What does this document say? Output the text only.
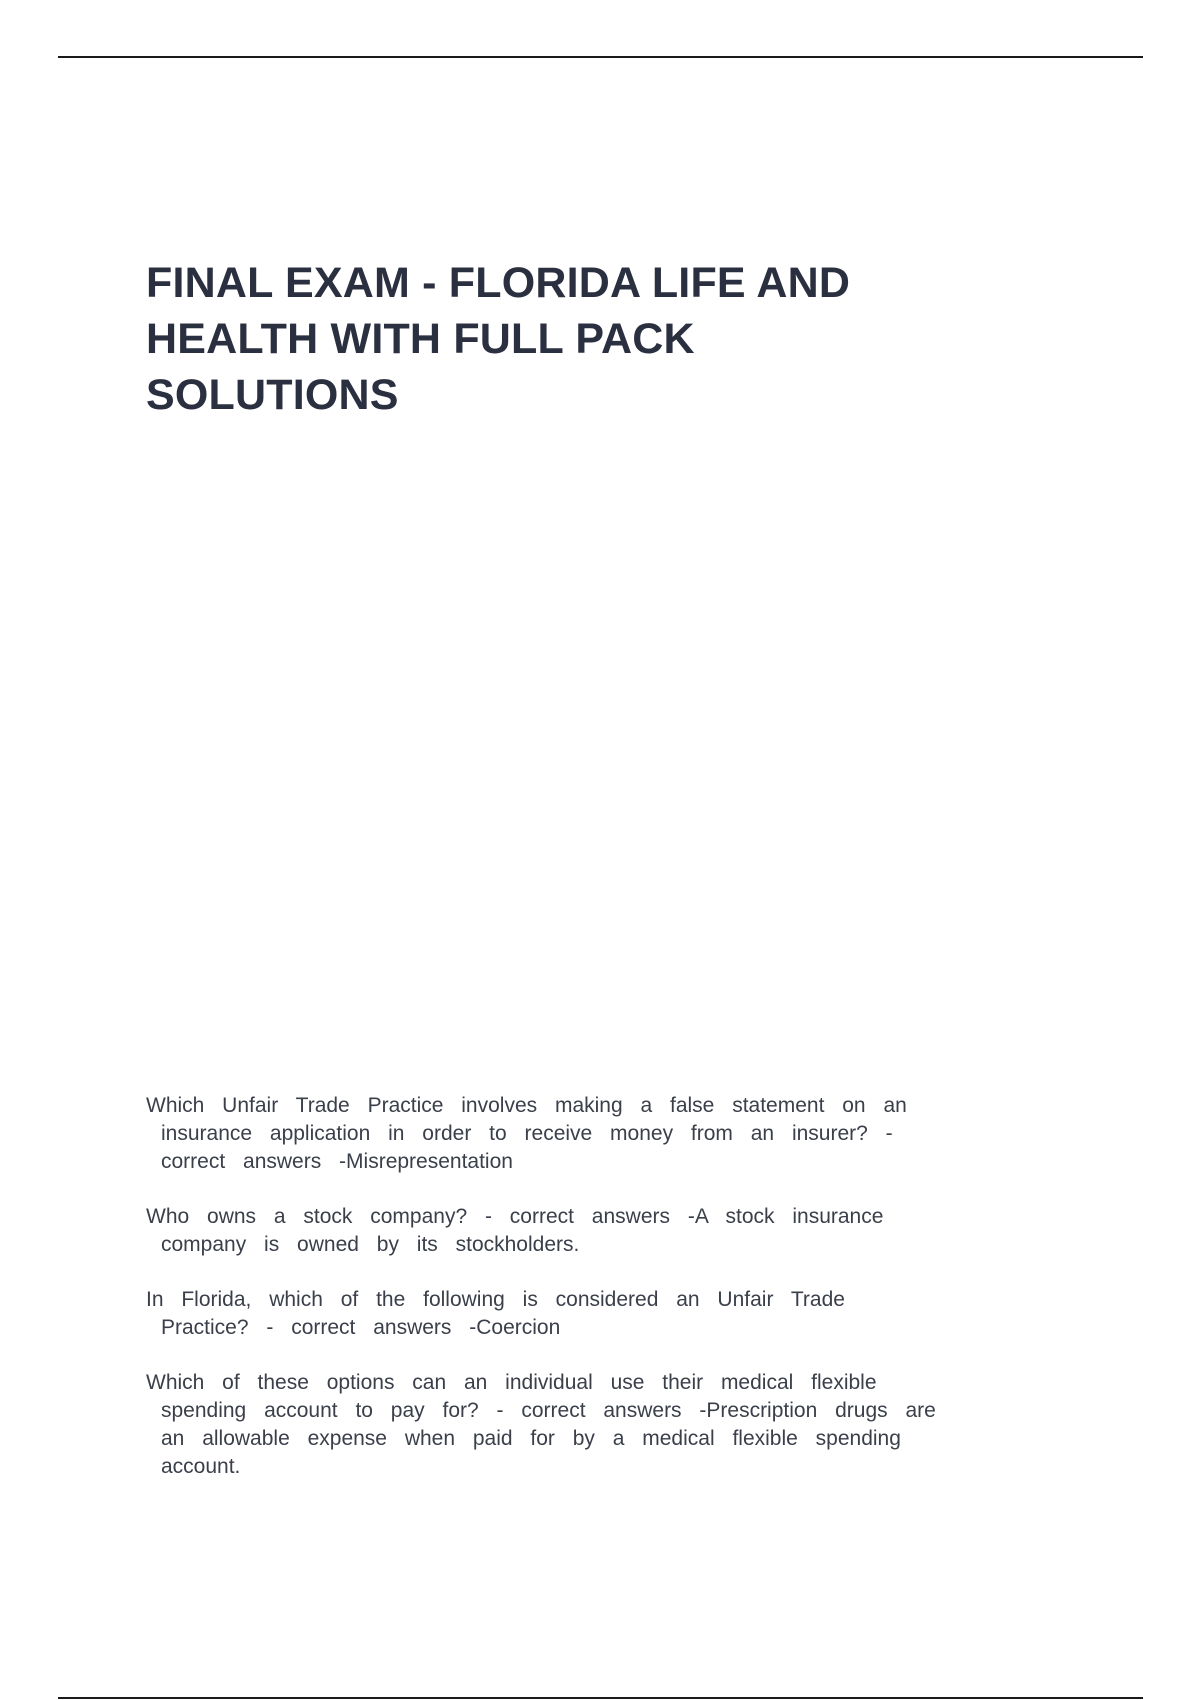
FINAL EXAM - FLORIDA LIFE AND
HEALTH WITH FULL PACK
SOLUTIONS

Which Unfair Trade Practice involves making a false statement on an
insurance application in order to receive money from an insurer? -
correct answers -Misrepresentation

Who owns a stock company? - correct answers -A stock insurance
company is owned by its stockholders.

In Florida, which of the following is considered an Unfair Trade
Practice? - correct answers -Coercion

Which of these options can an individual use their medical flexible
spending account to pay for? - correct answers -Prescription drugs are
an allowable expense when paid for by a medical flexible spending
account.
